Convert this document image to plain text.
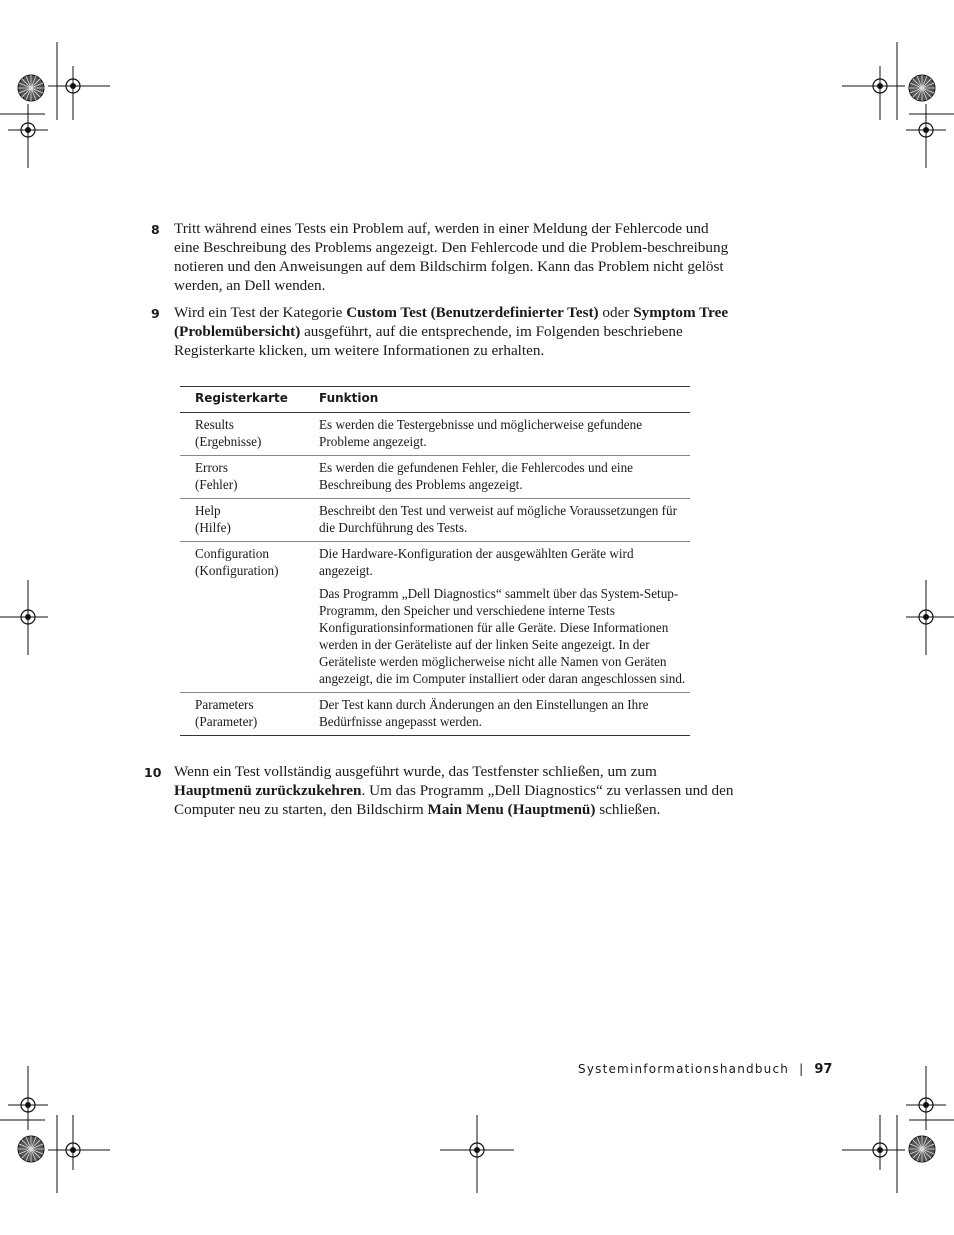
8 Tritt während eines Tests ein Problem auf, werden in einer Meldung der Fehlercode und eine Beschreibung des Problems angezeigt. Den Fehlercode und die Problem-beschreibung notieren und den Anweisungen auf dem Bildschirm folgen. Kann das Problem nicht gelöst werden, an Dell wenden.
9 Wird ein Test der Kategorie Custom Test (Benutzerdefinierter Test) oder Symptom Tree (Problemübersicht) ausgeführt, auf die entsprechende, im Folgenden beschriebene Registerkarte klicken, um weitere Informationen zu erhalten.
Registerkarte	Funktion

Results
(Ergebnisse)	Es werden die Testergebnisse und möglicherweise gefundene Probleme angezeigt.

Errors
(Fehler)	Es werden die gefundenen Fehler, die Fehlercodes und eine Beschreibung des Problems angezeigt.

Help
(Hilfe)	Beschreibt den Test und verweist auf mögliche Voraussetzungen für die Durchführung des Tests.

Configuration
(Konfiguration)	Die Hardware-Konfiguration der ausgewählten Geräte wird angezeigt.
Das Programm „Dell Diagnostics“ sammelt über das System-Setup-Programm, den Speicher und verschiedene interne Tests Konfigurationsinformationen für alle Geräte. Diese Informationen werden in der Geräteliste auf der linken Seite angezeigt. In der Geräteliste werden möglicherweise nicht alle Namen von Geräten angezeigt, die im Computer installiert oder daran angeschlossen sind.

Parameters
(Parameter)	Der Test kann durch Änderungen an den Einstellungen an Ihre Bedürfnisse angepasst werden.
10 Wenn ein Test vollständig ausgeführt wurde, das Testfenster schließen, um zum Hauptmenü zurückzukehren. Um das Programm „Dell Diagnostics“ zu verlassen und den Computer neu zu starten, den Bildschirm Main Menu (Hauptmenü) schließen.
Systeminformationshandbuch | 97
